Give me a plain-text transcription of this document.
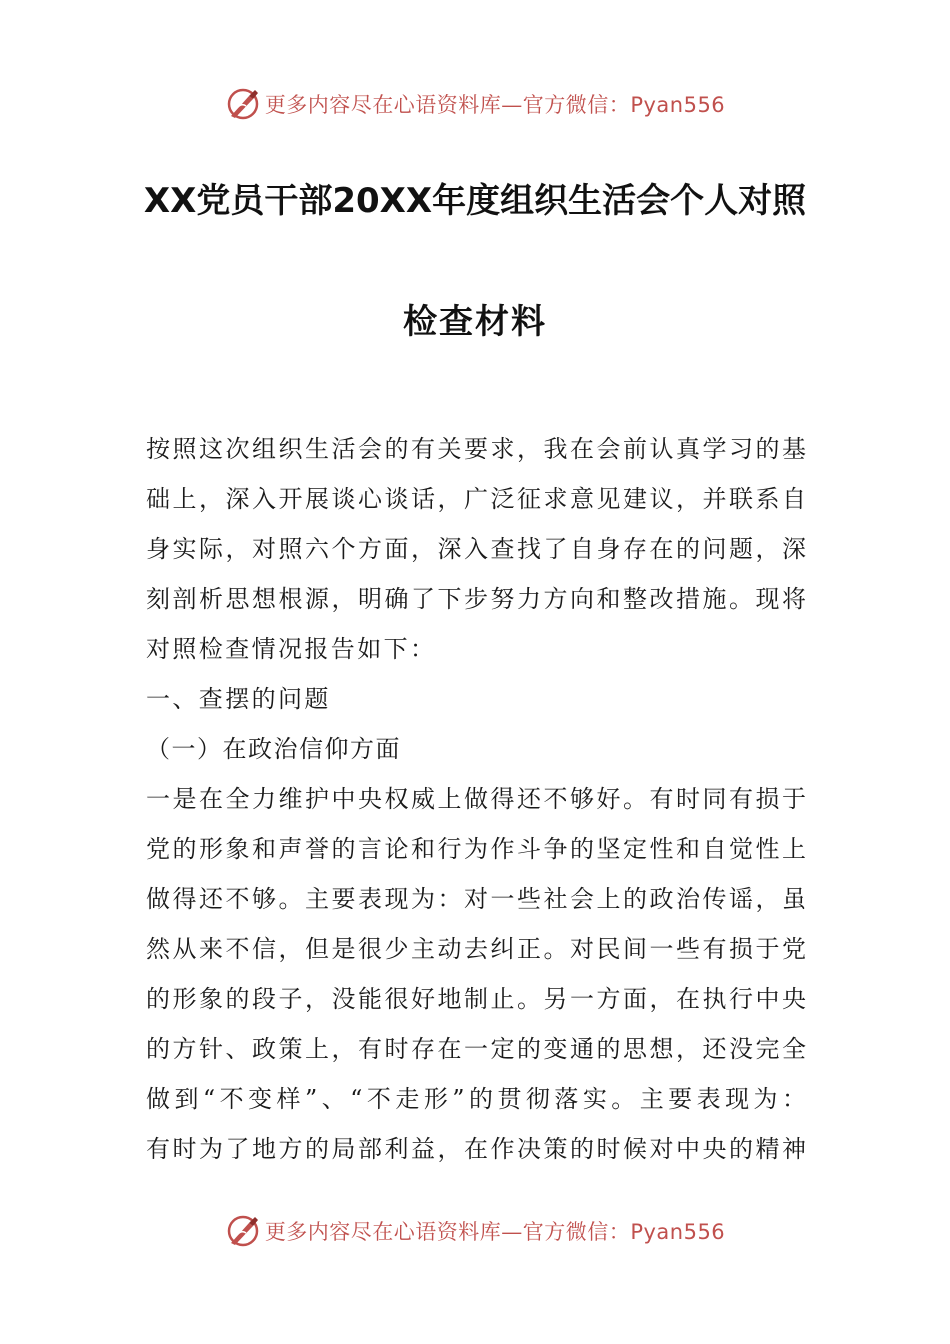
更多内容尽在心语资料库—官方微信：Pyan556
XX党员干部20XX年度组织生活会个人对照
检查材料
按照这次组织生活会的有关要求，我在会前认真学习的基
础上，深入开展谈心谈话，广泛征求意见建议，并联系自
身实际，对照六个方面，深入查找了自身存在的问题，深
刻剖析思想根源，明确了下步努力方向和整改措施。现将
对照检查情况报告如下：
一、查摆的问题
（一）在政治信仰方面
一是在全力维护中央权威上做得还不够好。有时同有损于
党的形象和声誉的言论和行为作斗争的坚定性和自觉性上
做得还不够。主要表现为：对一些社会上的政治传谣，虽
然从来不信，但是很少主动去纠正。对民间一些有损于党
的形象的段子，没能很好地制止。另一方面，在执行中央
的方针、政策上，有时存在一定的变通的思想，还没完全
做到“不变样”、“不走形”的贯彻落实。主要表现为：
有时为了地方的局部利益，在作决策的时候对中央的精神
更多内容尽在心语资料库—官方微信：Pyan556
